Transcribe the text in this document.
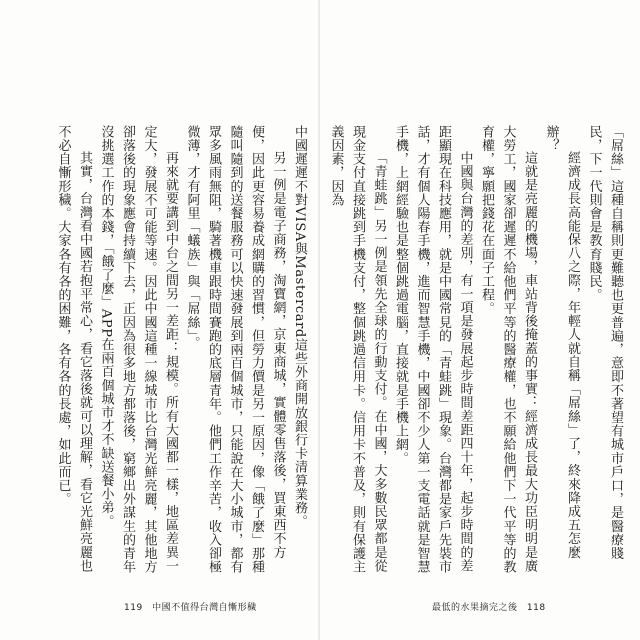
中國遲遲不對VISA與Mastercard這些外商開放銀行卡清算業務。

另一例是電子商務，淘寶網，京東商城，實體零售落後，買東西不方便，因此更容易養成網購的習慣，但勞力價是另一原因，像「餓了麼」那種隨叫隨到的送餐服務可以快速發展到兩百個城市，只能說在大小城市，都有眾多風雨無阻，騎著機車跟時間賽跑的底層青年。他們工作辛苦，收入卻極微薄，才有阿里「蟻族」與「屌絲」。

再來就要講到中台之間另一差距：規模。所有大國都一樣，地區差異一定大，發展不可能等速。因此中國這種一線城市比台灣光鮮亮麗，其他地方卻落後的現象應會持續下去，正因為很多地方都落後，窮鄉出外謀生的青年沒挑選工作的本錢，「餓了麼」APP在兩百個城市才不缺送餐小弟。

其實，台灣看中國若抱平常心，看它落後就可以理解，看它光鮮亮麗也不必自慚形穢。大家各有各的困難，各有各的長處，如此而已。

119 中國不值得台灣自慚形穢	最低的水果摘完之後 118

「屌絲」這種自稱則更難聽也更普遍，意即不著望有城市戶口，是醫療賤民，下一代則會是教育賤民。

經濟成長高能保八之際，年輕人就自稱「屌絲」了，終來降成五怎麼辦？

這就是亮麗的機場，車站背後掩蓋的事實：經濟成長最大功臣明明是廣大勞工，國家卻遲遲不給他們平等的醫療權，也不願給他們下一代平等的教育權，寧願把錢花在面子工程。

中國與台灣的差別，有一項是發展起步時間差距四十年，起步時間的差距顯現在科技應用，就是中國常見的「青蛙跳」現象。台灣都是家戶先裝市話，才有個人陽春手機，進而智慧手機，中國卻不少人第一支電話就是智慧手機，上網經驗也是整個跳過電腦，直接就是手機上網。

「青蛙跳」另一例是領先全球的行動支付。在中國，大多數民眾都是從現金支付直接跳到手機支付，整個跳過信用卡。信用卡不普及，則有保護主義因素，因為
